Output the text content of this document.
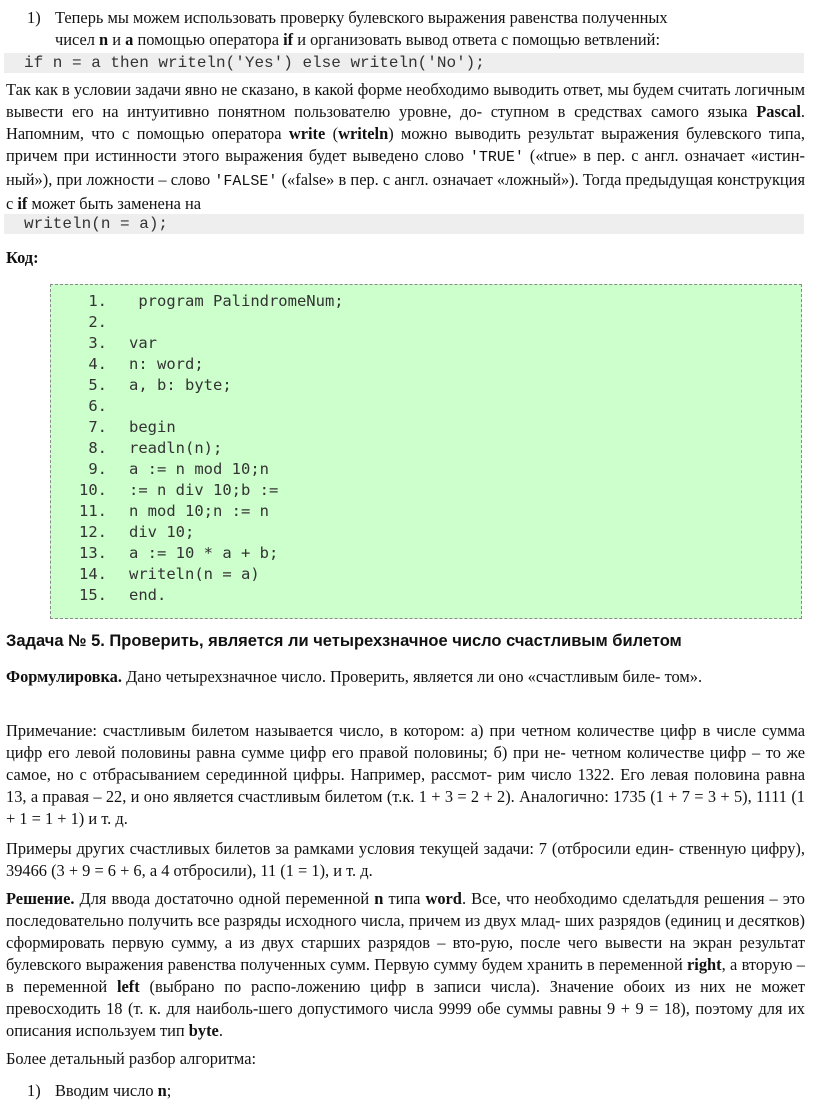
1) Теперь мы можем использовать проверку булевского выражения равенства полученных
чисел n и a помощью оператора if и организовать вывод ответа с помощью ветвлений:

if n = a then writeln('Yes') else writeln('No');

Так как в условии задачи явно не сказано, в какой форме необходимо выводить ответ, мы будем считать логичным вывести его на интуитивно понятном пользователю уровне, до- ступном в средствах самого языка Pascal. Напомним, что с помощью оператора write (writeln) можно выводить результат выражения булевского типа, причем при истинности этого выражения будет выведено слово 'TRUE' («true» в пер. с англ. означает «истин- ный»), при ложности – слово 'FALSE' («false» в пер. с англ. означает «ложный»). Тогда предыдущая конструкция с if может быть заменена на

writeln(n = a);
Код:
1. program PalindromeNum;
2.
3. var
4. n: word;
5. a, b: byte;
6.
7. begin
8. readln(n);
9. a := n mod 10;n
10. := n div 10;b :=
11. n mod 10;n := n
12. div 10;
13. a := 10 * a + b;
14. writeln(n = a)
15. end.
Задача № 5. Проверить, является ли четырехзначное число счастливым билетом

Формулировка. Дано четырехзначное число. Проверить, является ли оно «счастливым биле- том».

Примечание: счастливым билетом называется число, в котором: а) при четном количестве цифр в числе сумма цифр его левой половины равна сумме цифр его правой половины; б) при не- четном количестве цифр – то же самое, но с отбрасыванием серединной цифры. Например, рассмот- рим число 1322. Его левая половина равна 13, а правая – 22, и оно является счастливым билетом (т.к. 1 + 3 = 2 + 2). Аналогично: 1735 (1 + 7 = 3 + 5), 1111 (1 + 1 = 1 + 1) и т. д.

Примеры других счастливых билетов за рамками условия текущей задачи: 7 (отбросили един- ственную цифру), 39466 (3 + 9 = 6 + 6, а 4 отбросили), 11 (1 = 1), и т. д.

Решение. Для ввода достаточно одной переменной n типа word. Все, что необходимо сделатьдля решения – это последовательно получить все разряды исходного числа, причем из двух млад- ших разрядов (единиц и десятков) сформировать первую сумму, а из двух старших разрядов – вто-рую, после чего вывести на экран результат булевского выражения равенства полученных сумм. Первую сумму будем хранить в переменной right, а вторую – в переменной left (выбрано по распо-ложению цифр в записи числа). Значение обоих из них не может превосходить 18 (т. к. для наиболь-шего допустимого числа 9999 обе суммы равны 9 + 9 = 18), поэтому для их описания используем тип byte.

Более детальный разбор алгоритма:

1) Вводим число n;
